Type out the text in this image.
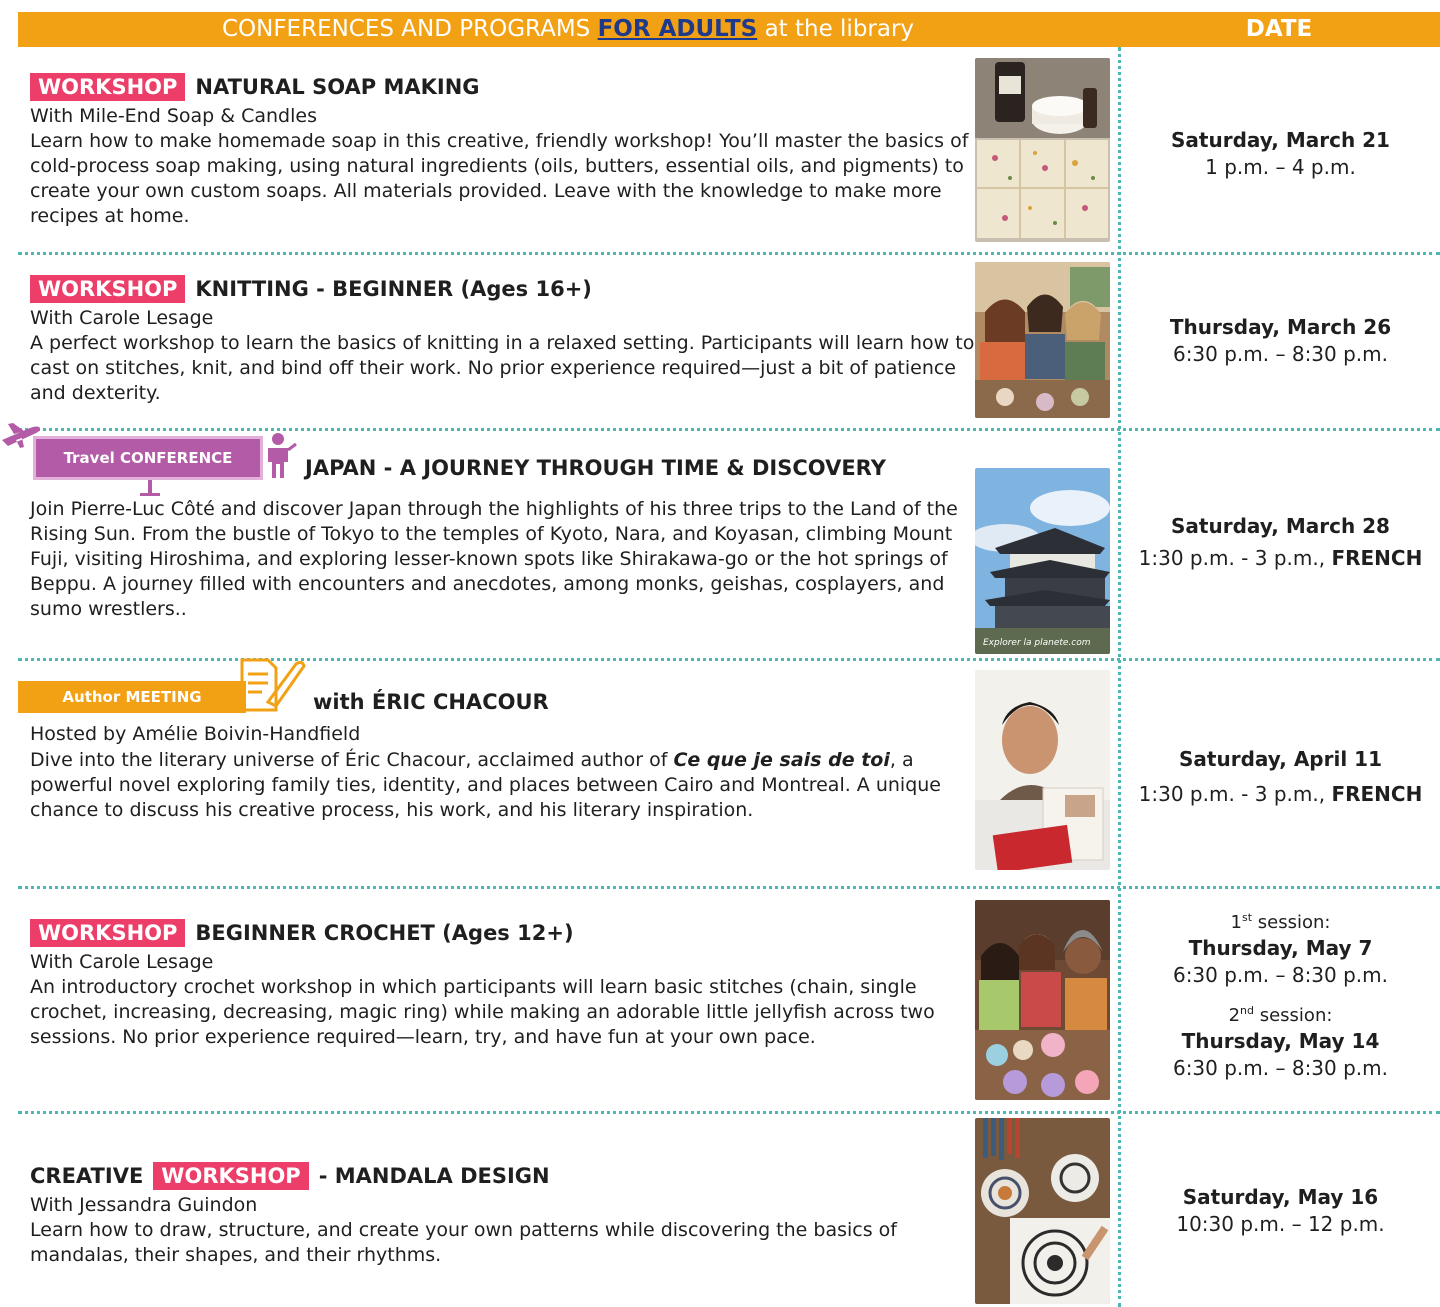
CONFERENCES AND PROGRAMS FOR ADULTS at the library	DATE
WORKSHOP NATURAL SOAP MAKING
With Mile-End Soap & Candles
Learn how to make homemade soap in this creative, friendly workshop! You’ll master the basics of cold-process soap making, using natural ingredients (oils, butters, essential oils, and pigments) to create your own custom soaps. All materials provided. Leave with the knowledge to make more recipes at home.
Saturday, March 21
1 p.m. – 4 p.m.
WORKSHOP KNITTING - BEGINNER (Ages 16+)
With Carole Lesage
A perfect workshop to learn the basics of knitting in a relaxed setting. Participants will learn how to cast on stitches, knit, and bind off their work. No prior experience required—just a bit of patience and dexterity.
Thursday, March 26
6:30 p.m. – 8:30 p.m.
Travel CONFERENCE	JAPAN - A JOURNEY THROUGH TIME & DISCOVERY
Join Pierre-Luc Côté and discover Japan through the highlights of his three trips to the Land of the Rising Sun. From the bustle of Tokyo to the temples of Kyoto, Nara, and Koyasan, climbing Mount Fuji, visiting Hiroshima, and exploring lesser-known spots like Shirakawa-go or the hot springs of Beppu. A journey filled with encounters and anecdotes, among monks, geishas, cosplayers, and sumo wrestlers..
Explorer la planete.com
Saturday, March 28
1:30 p.m. - 3 p.m., FRENCH
Author MEETING	with ÉRIC CHACOUR
Hosted by Amélie Boivin-Handfield
Dive into the literary universe of Éric Chacour, acclaimed author of Ce que je sais de toi, a powerful novel exploring family ties, identity, and places between Cairo and Montreal. A unique chance to discuss his creative process, his work, and his literary inspiration.
Saturday, April 11
1:30 p.m. - 3 p.m., FRENCH
WORKSHOP BEGINNER CROCHET (Ages 12+)
With Carole Lesage
An introductory crochet workshop in which participants will learn basic stitches (chain, single crochet, increasing, decreasing, magic ring) while making an adorable little jellyfish across two sessions. No prior experience required—learn, try, and have fun at your own pace.
1st session:
Thursday, May 7
6:30 p.m. – 8:30 p.m.
2nd session:
Thursday, May 14
6:30 p.m. – 8:30 p.m.
CREATIVE WORKSHOP - MANDALA DESIGN
With Jessandra Guindon
Learn how to draw, structure, and create your own patterns while discovering the basics of mandalas, their shapes, and their rhythms.
Saturday, May 16
10:30 p.m. – 12 p.m.
